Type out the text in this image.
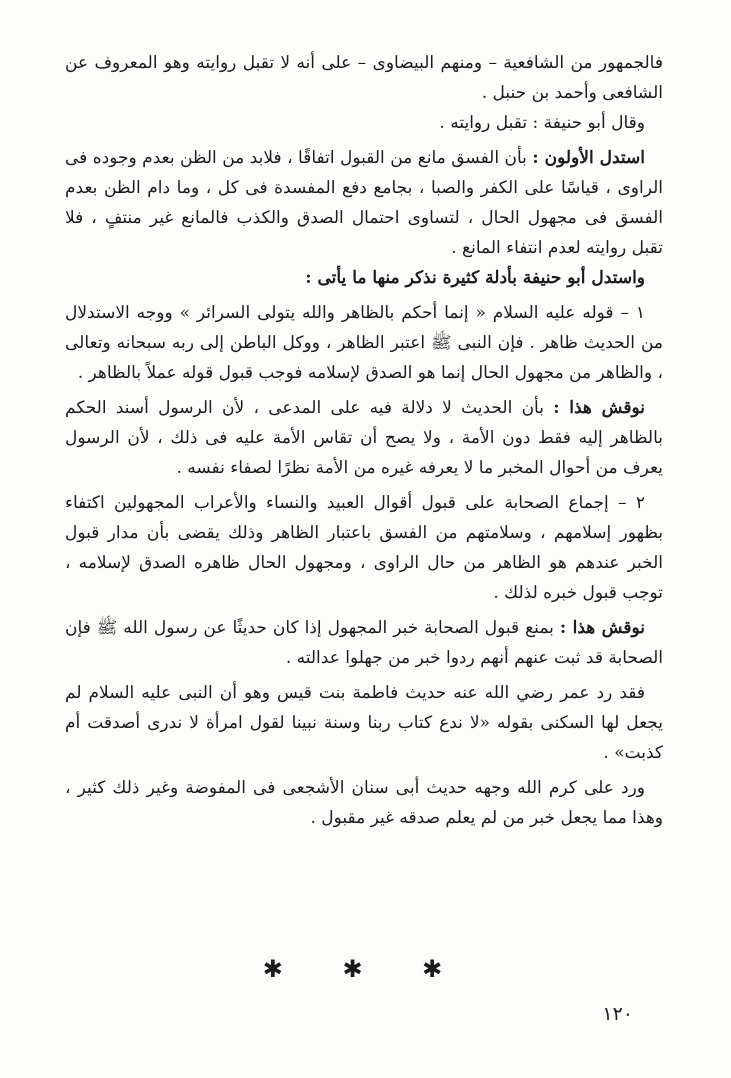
فالجمهور من الشافعية – ومنهم البيضاوى – على أنه لا تقبل روايته وهو المعروف عن الشافعى وأحمد بن حنبل .

وقال أبو حنيفة : تقبل روايته .

استدل الأولون : بأن الفسق مانع من القبول اتفاقًا ، فلابد من الظن بعدم وجوده فى الراوى ، قياسًا على الكفر والصبا ، بجامع دفع المفسدة فى كل ، وما دام الظن بعدم الفسق فى مجهول الحال ، لتساوى احتمال الصدق والكذب فالمانع غير منتفٍ ، فلا تقبل روايته لعدم انتفاء المانع .

واستدل أبو حنيفة بأدلة كثيرة نذكر منها ما يأتى :

١ – قوله عليه السلام « إنما أحكم بالظاهر والله يتولى السرائر » ووجه الاستدلال من الحديث ظاهر . فإن النبى ﷺ اعتبر الظاهر ، ووكل الباطن إلى ربه سبحانه وتعالى ، والظاهر من مجهول الحال إنما هو الصدق لإسلامه فوجب قبول قوله عملاً بالظاهر .

نوقش هذا : بأن الحديث لا دلالة فيه على المدعى ، لأن الرسول أسند الحكم بالظاهر إليه فقط دون الأمة ، ولا يصح أن تقاس الأمة عليه فى ذلك ، لأن الرسول يعرف من أحوال المخبر ما لا يعرفه غيره من الأمة نظرًا لصفاء نفسه .

٢ – إجماع الصحابة على قبول أقوال العبيد والنساء والأعراب المجهولين اكتفاء بظهور إسلامهم ، وسلامتهم من الفسق باعتبار الظاهر وذلك يقضى بأن مدار قبول الخبر عندهم هو الظاهر من حال الراوى ، ومجهول الحال ظاهره الصدق لإسلامه ، توجب قبول خبره لذلك .

نوقش هذا : بمنع قبول الصحابة خبر المجهول إذا كان حديثًا عن رسول الله ﷺ فإن الصحابة قد ثبت عنهم أنهم ردوا خبر من جهلوا عدالته .

فقد رد عمر رضي الله عنه حديث فاطمة بنت قيس وهو أن النبى عليه السلام لم يجعل لها السكنى بقوله «لا ندع كتاب ربنا وسنة نبينا لقول امرأة لا ندرى أصدقت أم كذبت» .

ورد على كرم الله وجهه حديث أبى سنان الأشجعى فى المفوضة وغير ذلك كثير ، وهذا مما يجعل خبر من لم يعلم صدقه غير مقبول .

✱ ✱ ✱
١٢٠
